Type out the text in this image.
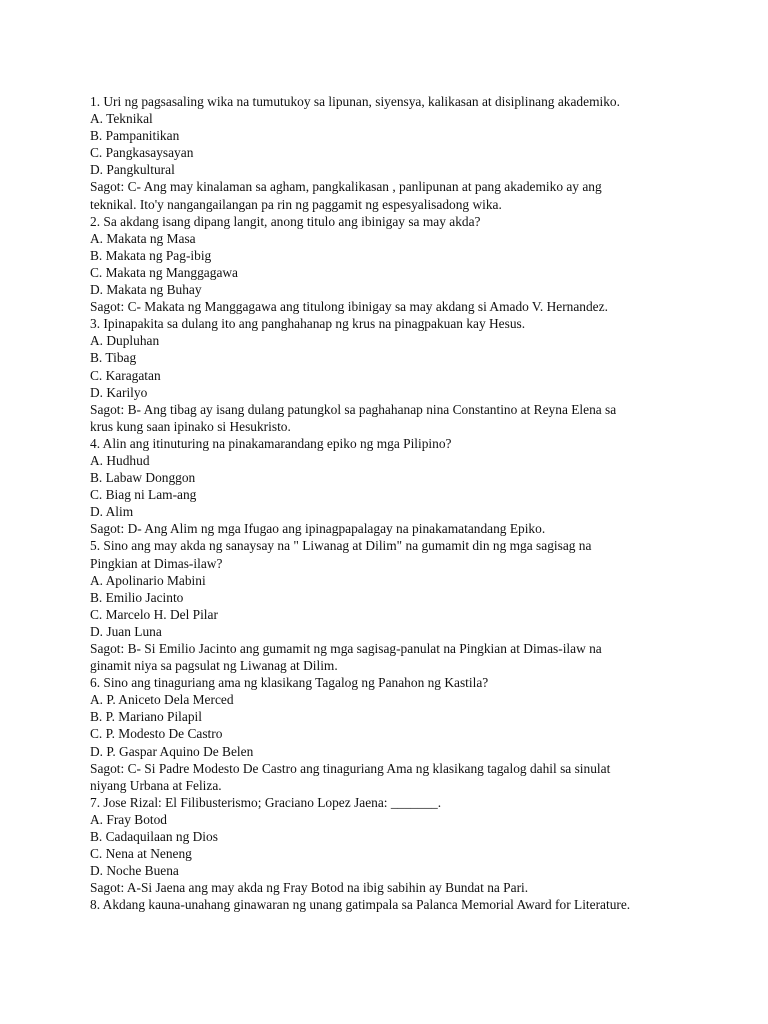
1. Uri ng pagsasaling wika na tumutukoy sa lipunan, siyensya, kalikasan at disiplinang akademiko.
A. Teknikal
B. Pampanitikan
C. Pangkasaysayan
D. Pangkultural
Sagot: C- Ang may kinalaman sa agham, pangkalikasan , panlipunan at pang akademiko ay ang
teknikal. Ito'y nangangailangan pa rin ng paggamit ng espesyalisadong wika.
2. Sa akdang isang dipang langit, anong titulo ang ibinigay sa may akda?
A. Makata ng Masa
B. Makata ng Pag-ibig
C. Makata ng Manggagawa
D. Makata ng Buhay
Sagot: C- Makata ng Manggagawa ang titulong ibinigay sa may akdang si Amado V. Hernandez.
3. Ipinapakita sa dulang ito ang panghahanap ng krus na pinagpakuan kay Hesus.
A. Dupluhan
B. Tibag
C. Karagatan
D. Karilyo
Sagot: B- Ang tibag ay isang dulang patungkol sa paghahanap nina Constantino at Reyna Elena sa
krus kung saan ipinako si Hesukristo.
4. Alin ang itinuturing na pinakamarandang epiko ng mga Pilipino?
A. Hudhud
B. Labaw Donggon
C. Biag ni Lam-ang
D. Alim
Sagot: D- Ang Alim ng mga Ifugao ang ipinagpapalagay na pinakamatandang Epiko.
5. Sino ang may akda ng sanaysay na " Liwanag at Dilim" na gumamit din ng mga sagisag na
Pingkian at Dimas-ilaw?
A. Apolinario Mabini
B. Emilio Jacinto
C. Marcelo H. Del Pilar
D. Juan Luna
Sagot: B- Si Emilio Jacinto ang gumamit ng mga sagisag-panulat na Pingkian at Dimas-ilaw na
ginamit niya sa pagsulat ng Liwanag at Dilim.
6. Sino ang tinaguriang ama ng klasikang Tagalog ng Panahon ng Kastila?
A. P. Aniceto Dela Merced
B. P. Mariano Pilapil
C. P. Modesto De Castro
D. P. Gaspar Aquino De Belen
Sagot: C- Si Padre Modesto De Castro ang tinaguriang Ama ng klasikang tagalog dahil sa sinulat
niyang Urbana at Feliza.
7. Jose Rizal: El Filibusterismo; Graciano Lopez Jaena: _______.
A. Fray Botod
B. Cadaquilaan ng Dios
C. Nena at Neneng
D. Noche Buena
Sagot: A-Si Jaena ang may akda ng Fray Botod na ibig sabihin ay Bundat na Pari.
8. Akdang kauna-unahang ginawaran ng unang gatimpala sa Palanca Memorial Award for Literature.
